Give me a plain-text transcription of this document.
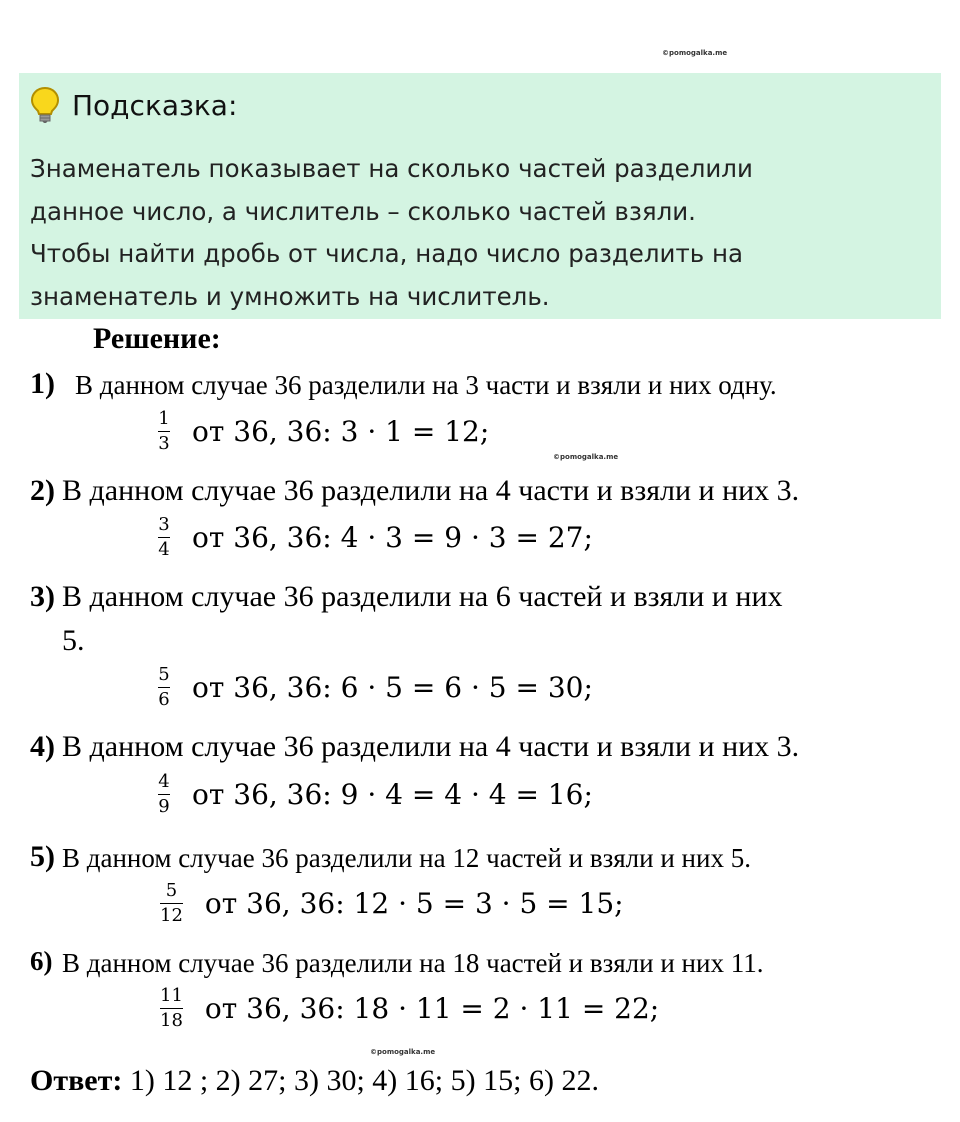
©pomogalka.me
Подсказка:
Знаменатель показывает на сколько частей разделили
данное число, а числитель – сколько частей взяли.
Чтобы найти дробь от числа, надо число разделить на
знаменатель и умножить на числитель.
Решение:
1) В данном случае 36 разделили на 3 части и взяли и них одну.
$\frac{1}{3}$ от 36, 36: 3 · 1 = 12;
©pomogalka.me
2) В данном случае 36 разделили на 4 части и взяли и них 3.
$\frac{3}{4}$ от 36, 36: 4 · 3 = 9 · 3 = 27;
3) В данном случае 36 разделили на 6 частей и взяли и них
5.
$\frac{5}{6}$ от 36, 36: 6 · 5 = 6 · 5 = 30;
4) В данном случае 36 разделили на 4 части и взяли и них 3.
$\frac{4}{9}$ от 36, 36: 9 · 4 = 4 · 4 = 16;
5) В данном случае 36 разделили на 12 частей и взяли и них 5.
$\frac{5}{12}$ от 36, 36: 12 · 5 = 3 · 5 = 15;
6) В данном случае 36 разделили на 18 частей и взяли и них 11.
$\frac{11}{18}$ от 36, 36: 18 · 11 = 2 · 11 = 22;
©pomogalka.me
Ответ: 1) 12 ; 2) 27; 3) 30; 4) 16; 5) 15; 6) 22.
